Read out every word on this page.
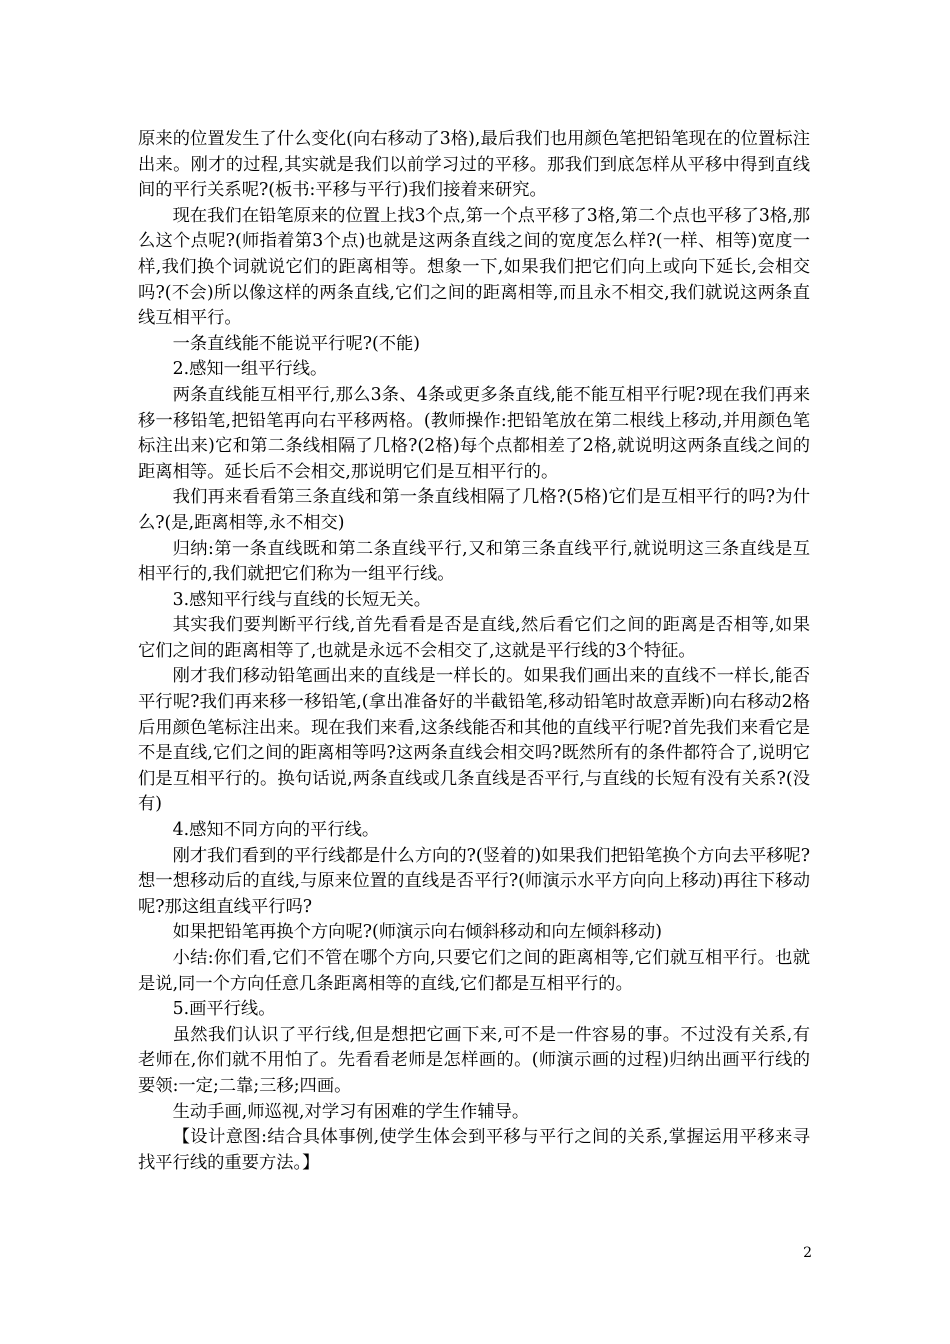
原来的位置发生了什么变化(向右移动了3格),最后我们也用颜色笔把铅笔现在的位置标注出来。刚才的过程,其实就是我们以前学习过的平移。那我们到底怎样从平移中得到直线间的平行关系呢?(板书:平移与平行)我们接着来研究。

现在我们在铅笔原来的位置上找3个点,第一个点平移了3格,第二个点也平移了3格,那么这个点呢?(师指着第3个点)也就是这两条直线之间的宽度怎么样?(一样、相等)宽度一样,我们换个词就说它们的距离相等。想象一下,如果我们把它们向上或向下延长,会相交吗?(不会)所以像这样的两条直线,它们之间的距离相等,而且永不相交,我们就说这两条直线互相平行。

一条直线能不能说平行呢?(不能)

2.感知一组平行线。

两条直线能互相平行,那么3条、4条或更多条直线,能不能互相平行呢?现在我们再来移一移铅笔,把铅笔再向右平移两格。(教师操作:把铅笔放在第二根线上移动,并用颜色笔标注出来)它和第二条线相隔了几格?(2格)每个点都相差了2格,就说明这两条直线之间的距离相等。延长后不会相交,那说明它们是互相平行的。

我们再来看看第三条直线和第一条直线相隔了几格?(5格)它们是互相平行的吗?为什么?(是,距离相等,永不相交)

归纳:第一条直线既和第二条直线平行,又和第三条直线平行,就说明这三条直线是互相平行的,我们就把它们称为一组平行线。

3.感知平行线与直线的长短无关。

其实我们要判断平行线,首先看看是否是直线,然后看它们之间的距离是否相等,如果它们之间的距离相等了,也就是永远不会相交了,这就是平行线的3个特征。

刚才我们移动铅笔画出来的直线是一样长的。如果我们画出来的直线不一样长,能否平行呢?我们再来移一移铅笔,(拿出准备好的半截铅笔,移动铅笔时故意弄断)向右移动2格后用颜色笔标注出来。现在我们来看,这条线能否和其他的直线平行呢?首先我们来看它是不是直线,它们之间的距离相等吗?这两条直线会相交吗?既然所有的条件都符合了,说明它们是互相平行的。换句话说,两条直线或几条直线是否平行,与直线的长短有没有关系?(没有)

4.感知不同方向的平行线。

刚才我们看到的平行线都是什么方向的?(竖着的)如果我们把铅笔换个方向去平移呢?想一想移动后的直线,与原来位置的直线是否平行?(师演示水平方向向上移动)再往下移动呢?那这组直线平行吗?

如果把铅笔再换个方向呢?(师演示向右倾斜移动和向左倾斜移动)

小结:你们看,它们不管在哪个方向,只要它们之间的距离相等,它们就互相平行。也就是说,同一个方向任意几条距离相等的直线,它们都是互相平行的。

5.画平行线。

虽然我们认识了平行线,但是想把它画下来,可不是一件容易的事。不过没有关系,有老师在,你们就不用怕了。先看看老师是怎样画的。(师演示画的过程)归纳出画平行线的要领:一定;二靠;三移;四画。

生动手画,师巡视,对学习有困难的学生作辅导。

【设计意图:结合具体事例,使学生体会到平移与平行之间的关系,掌握运用平移来寻找平行线的重要方法。】

2
